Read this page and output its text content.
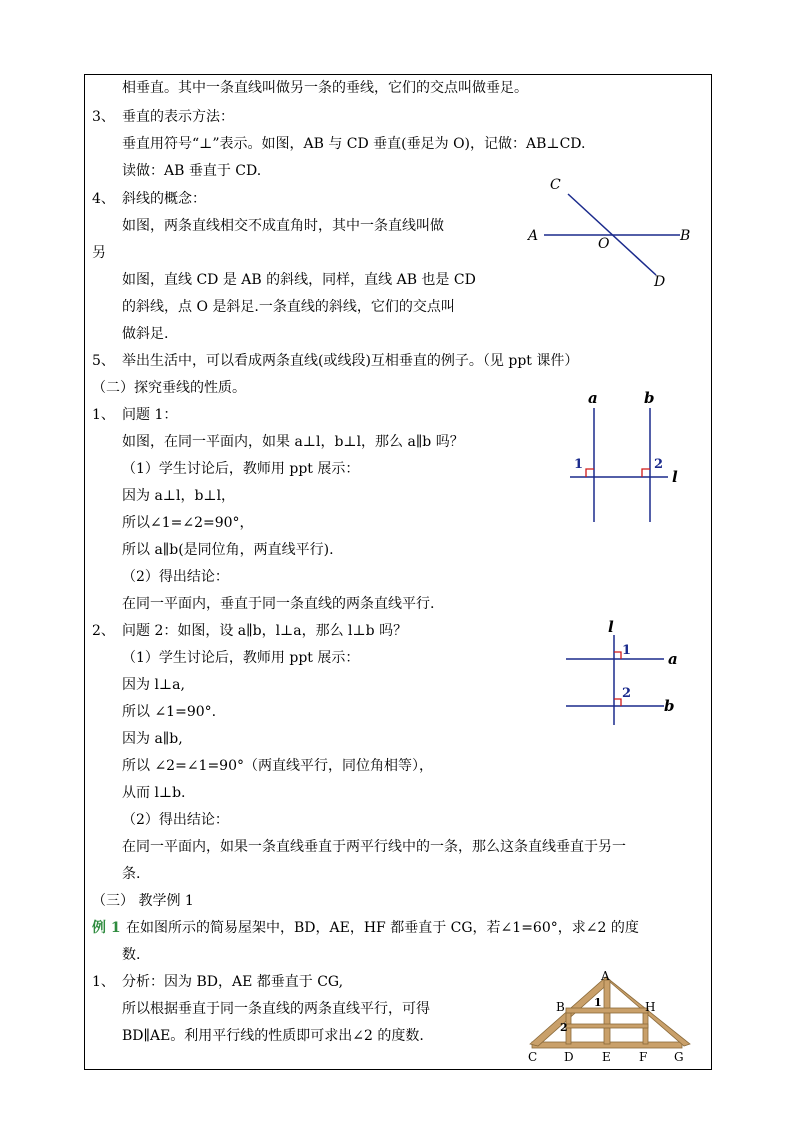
相垂直。其中一条直线叫做另一条的垂线，它们的交点叫做垂足。
3、 垂直的表示方法：
垂直用符号“⊥”表示。如图，AB 与 CD 垂直(垂足为 O)，记做：AB⊥CD.
读做：AB 垂直于 CD.
4、 斜线的概念：
如图，两条直线相交不成直角时，其中一条直线叫做
另
如图，直线 CD 是 AB 的斜线，同样，直线 AB 也是 CD
的斜线，点 O 是斜足.一条直线的斜线，它们的交点叫
做斜足.
5、 举出生活中，可以看成两条直线(或线段)互相垂直的例子。（见 ppt 课件）
（二）探究垂线的性质。
1、 问题 1：
如图，在同一平面内，如果 a⊥l，b⊥l，那么 a∥b 吗？
（1）学生讨论后，教师用 ppt 展示：
因为 a⊥l，b⊥l，
所以∠1=∠2=90°，
所以 a∥b(是同位角，两直线平行).
（2）得出结论：
在同一平面内，垂直于同一条直线的两条直线平行.
2、 问题 2：如图，设 a∥b，l⊥a，那么 l⊥b 吗？
（1）学生讨论后，教师用 ppt 展示：
因为 l⊥a,
所以 ∠1=90°.
因为 a∥b,
所以 ∠2=∠1=90°（两直线平行，同位角相等），
从而 l⊥b.
（2）得出结论：
在同一平面内，如果一条直线垂直于两平行线中的一条，那么这条直线垂直于另一
条.
（三） 教学例 1
例 1 在如图所示的简易屋架中，BD，AE，HF 都垂直于 CG，若∠1=60°，求∠2 的度
数.
1、 分析：因为 BD，AE 都垂直于 CG,
所以根据垂直于同一条直线的两条直线平行，可得
BD∥AE。利用平行线的性质即可求出∠2 的度数.
C
A	O	B
D
a	b
1	2
l
l
1 a
2
b
A
B	1	H
2
C D E F G
